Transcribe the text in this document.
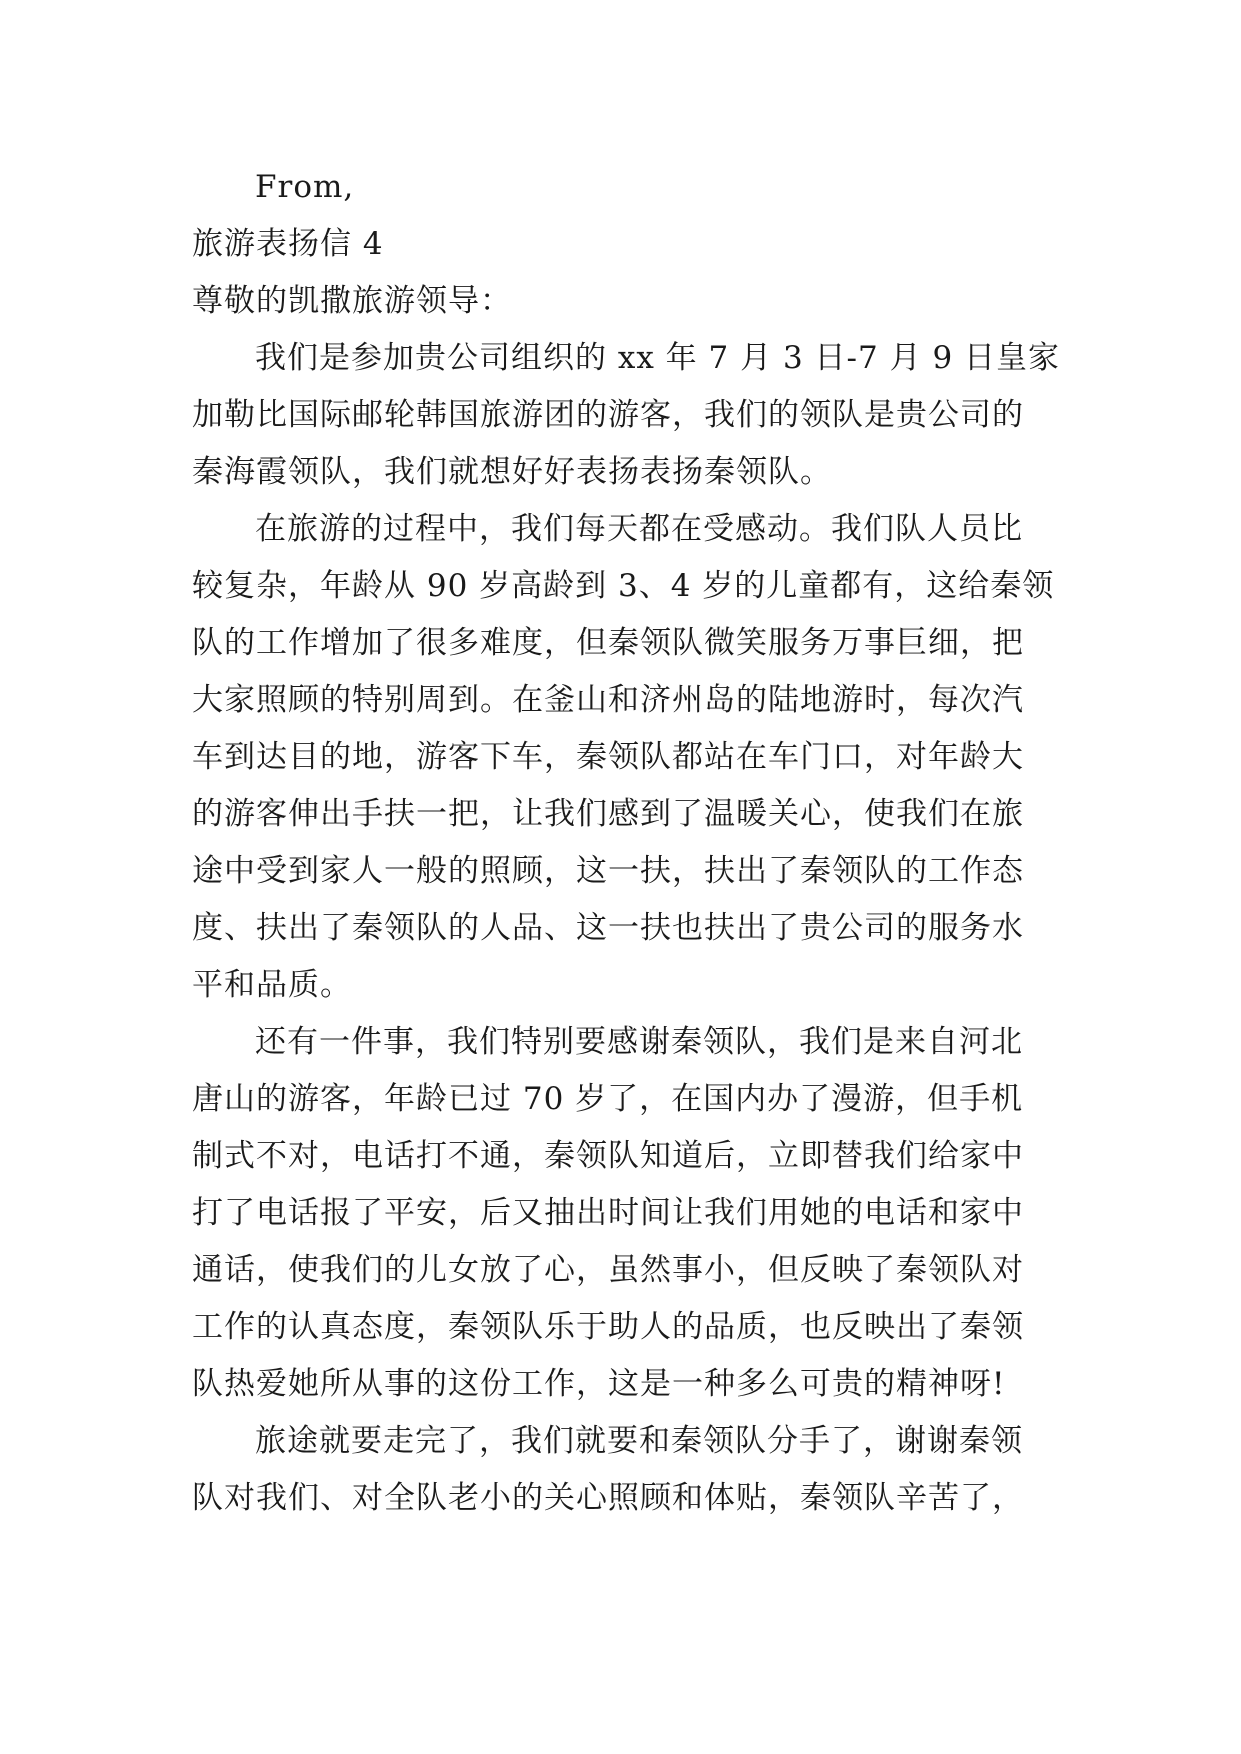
From,
旅游表扬信 4
尊敬的凯撒旅游领导：
我们是参加贵公司组织的 xx 年 7 月 3 日-7 月 9 日皇家
加勒比国际邮轮韩国旅游团的游客，我们的领队是贵公司的
秦海霞领队，我们就想好好表扬表扬秦领队。
在旅游的过程中，我们每天都在受感动。我们队人员比
较复杂，年龄从 90 岁高龄到 3、4 岁的儿童都有，这给秦领
队的工作增加了很多难度，但秦领队微笑服务万事巨细，把
大家照顾的特别周到。在釜山和济州岛的陆地游时，每次汽
车到达目的地，游客下车，秦领队都站在车门口，对年龄大
的游客伸出手扶一把，让我们感到了温暖关心，使我们在旅
途中受到家人一般的照顾，这一扶，扶出了秦领队的工作态
度、扶出了秦领队的人品、这一扶也扶出了贵公司的服务水
平和品质。
还有一件事，我们特别要感谢秦领队，我们是来自河北
唐山的游客，年龄已过 70 岁了，在国内办了漫游，但手机
制式不对，电话打不通，秦领队知道后，立即替我们给家中
打了电话报了平安，后又抽出时间让我们用她的电话和家中
通话，使我们的儿女放了心，虽然事小，但反映了秦领队对
工作的认真态度，秦领队乐于助人的品质，也反映出了秦领
队热爱她所从事的这份工作，这是一种多么可贵的精神呀!
旅途就要走完了，我们就要和秦领队分手了，谢谢秦领
队对我们、对全队老小的关心照顾和体贴，秦领队辛苦了，
